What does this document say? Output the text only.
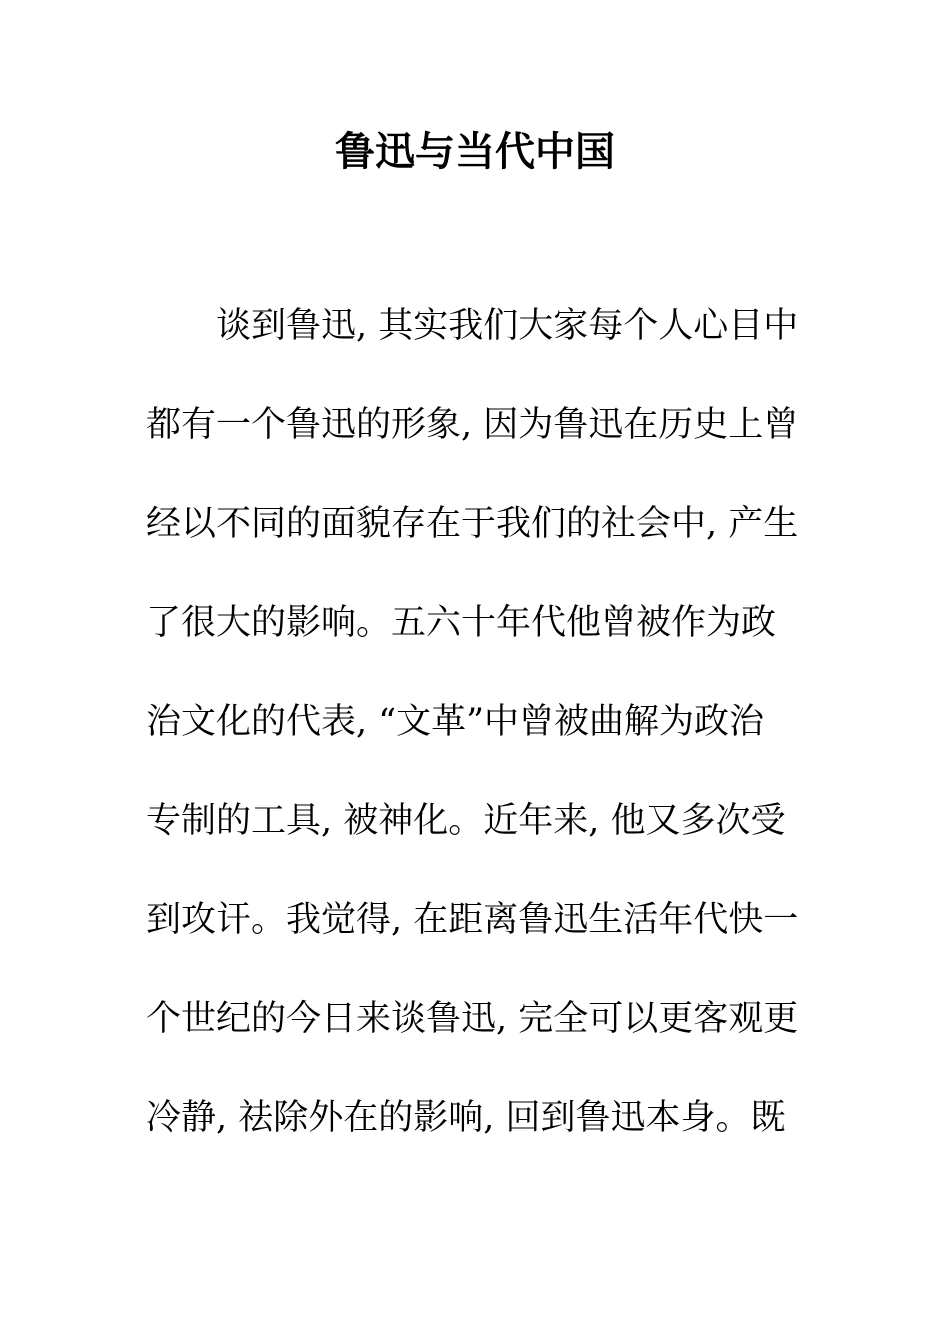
鲁迅与当代中国
谈到鲁迅, 其实我们大家每个人心目中
都有一个鲁迅的形象, 因为鲁迅在历史上曾
经以不同的面貌存在于我们的社会中, 产生
了很大的影响。五六十年代他曾被作为政
治文化的代表, “文革”中曾被曲解为政治
专制的工具, 被神化。近年来, 他又多次受
到攻讦。我觉得, 在距离鲁迅生活年代快一
个世纪的今日来谈鲁迅, 完全可以更客观更
冷静, 祛除外在的影响, 回到鲁迅本身。既
